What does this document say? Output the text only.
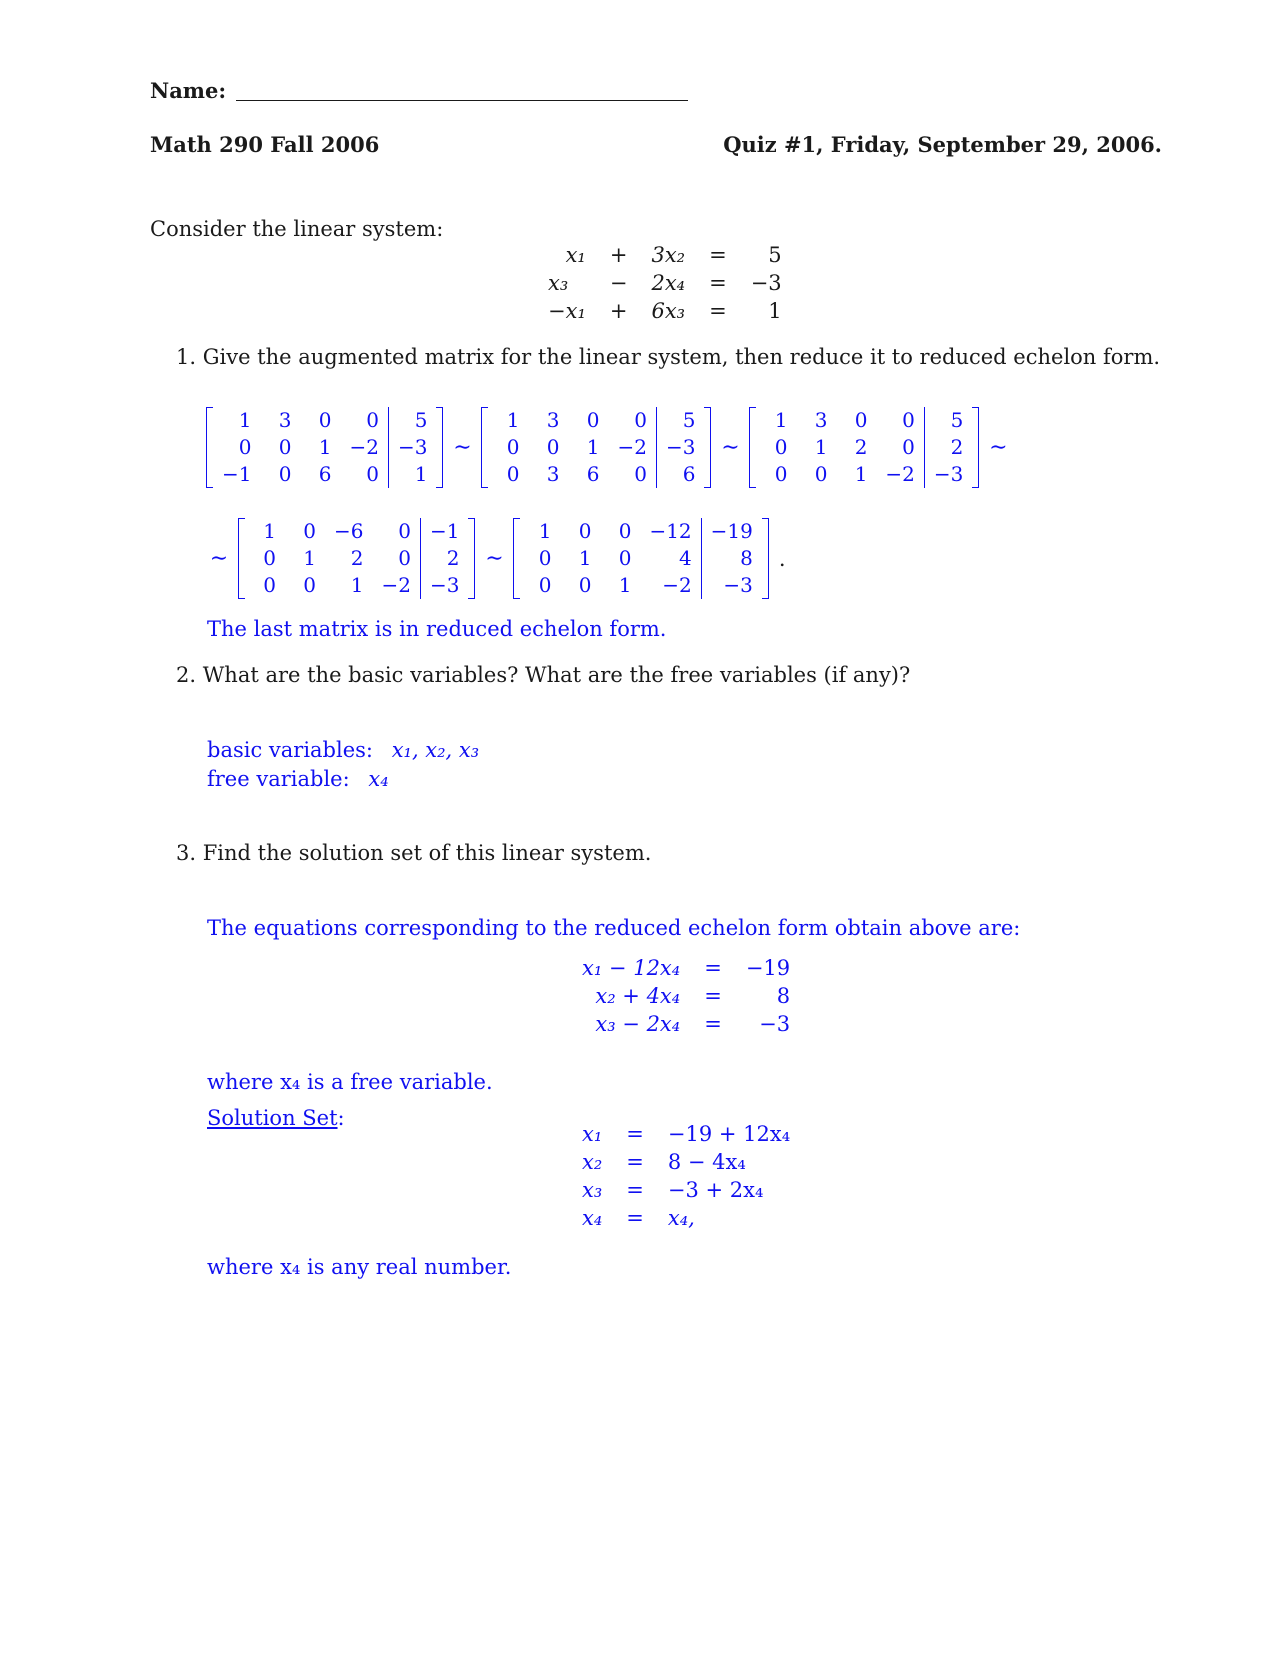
Name:
Math 290 Fall 2006	Quiz #1, Friday, September 29, 2006.
Consider the linear system:
x₁	+	3x₂	=	5
x₃	−	2x₄	=	−3
−x₁	+	6x₃	=	1
1. Give the augmented matrix for the linear system, then reduce it to reduced echelon form.
1	3	0	0	5
0	0	1	−2	−3
−1	0	6	0	1
∼
1	3	0	0	5
0	0	1	−2	−3
0	3	6	0	6
∼
1	3	0	0	5
0	1	2	0	2
0	0	1	−2	−3
∼
∼
1	0	−6	0	−1
0	1	2	0	2
0	0	1	−2	−3
∼
1	0	0	−12	−19
0	1	0	4	8
0	0	1	−2	−3
.
The last matrix is in reduced echelon form.
2. What are the basic variables? What are the free variables (if any)?
basic variables: x₁, x₂, x₃
free variable: x₄
3. Find the solution set of this linear system.
The equations corresponding to the reduced echelon form obtain above are:
x₁ − 12x₄	=	−19
x₂ + 4x₄	=	8
x₃ − 2x₄	=	−3
where x₄ is a free variable.
Solution Set:
x₁	=	−19 + 12x₄
x₂	=	8 − 4x₄
x₃	=	−3 + 2x₄
x₄	=	x₄,
where x₄ is any real number.
